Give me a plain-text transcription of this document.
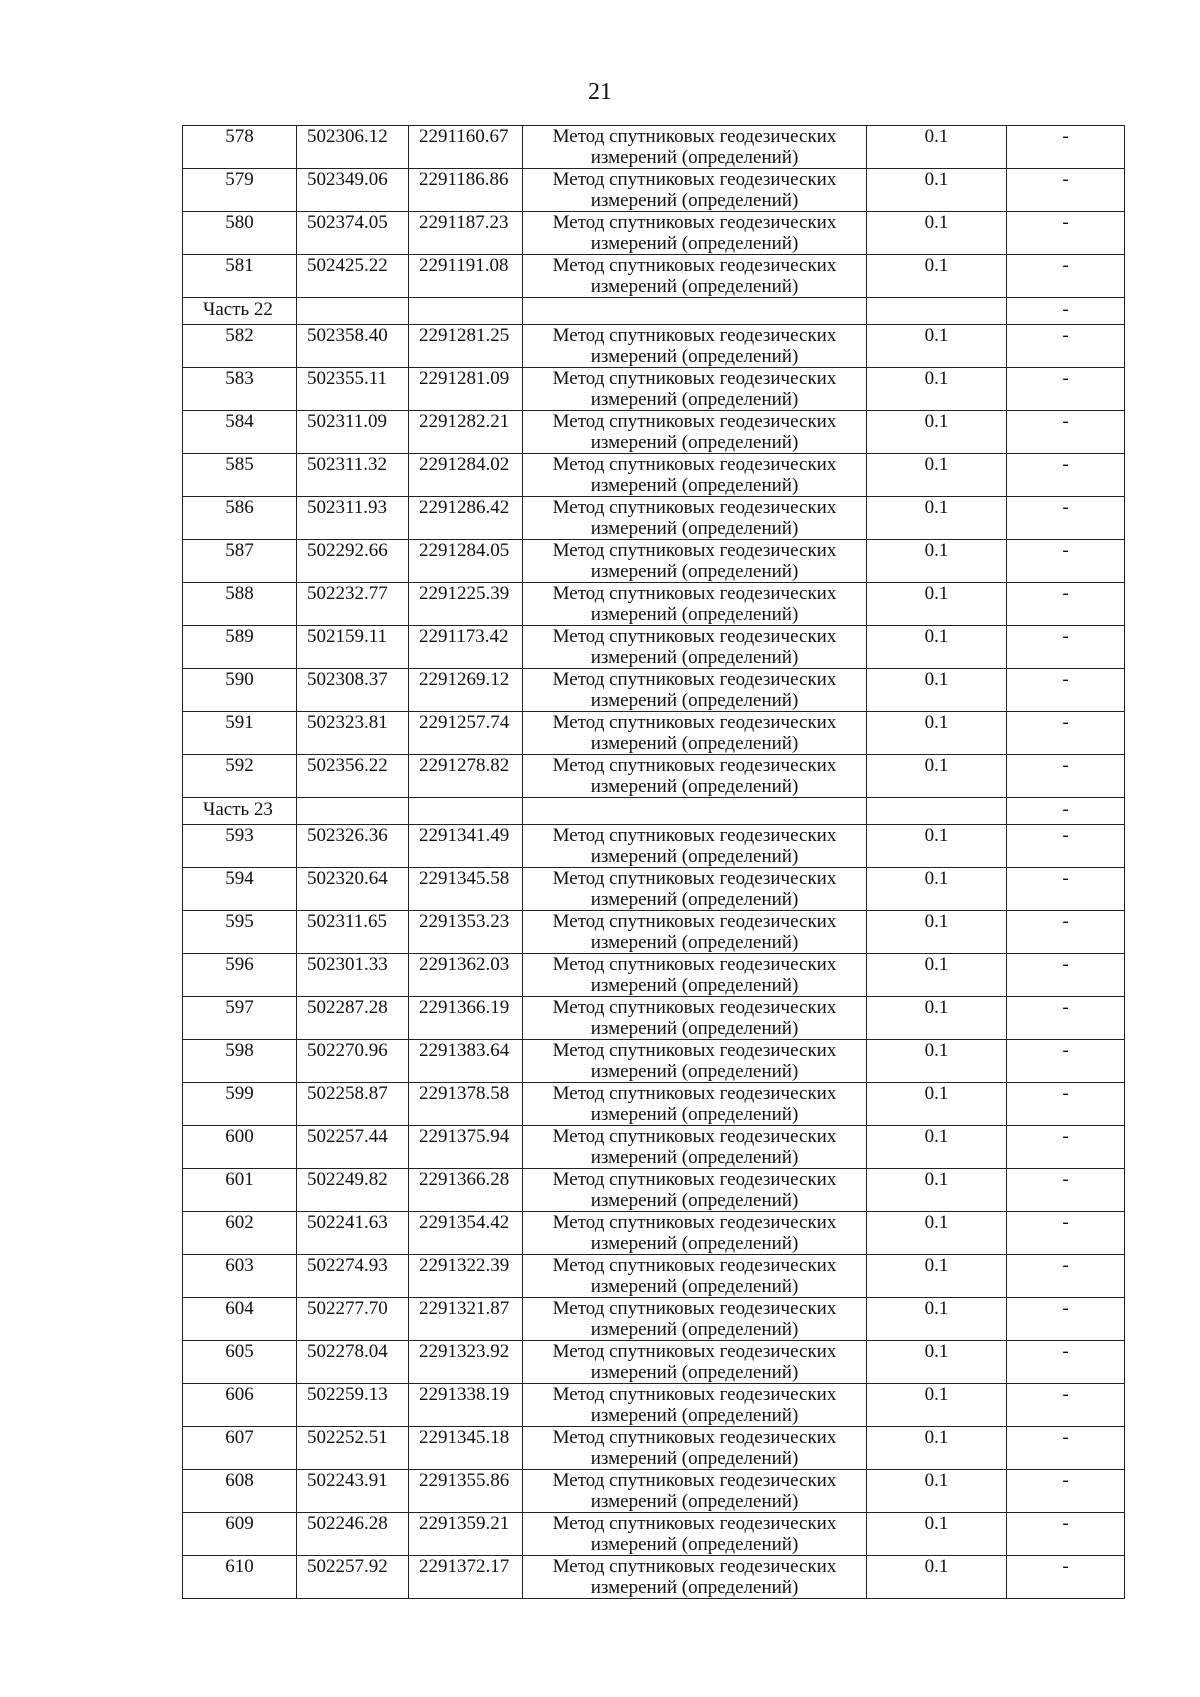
21
578	502306.12	2291160.67	Метод спутниковых геодезических
измерений (определений)	0.1	-
579	502349.06	2291186.86	Метод спутниковых геодезических
измерений (определений)	0.1	-
580	502374.05	2291187.23	Метод спутниковых геодезических
измерений (определений)	0.1	-
581	502425.22	2291191.08	Метод спутниковых геодезических
измерений (определений)	0.1	-
Часть 22					-
582	502358.40	2291281.25	Метод спутниковых геодезических
измерений (определений)	0.1	-
583	502355.11	2291281.09	Метод спутниковых геодезических
измерений (определений)	0.1	-
584	502311.09	2291282.21	Метод спутниковых геодезических
измерений (определений)	0.1	-
585	502311.32	2291284.02	Метод спутниковых геодезических
измерений (определений)	0.1	-
586	502311.93	2291286.42	Метод спутниковых геодезических
измерений (определений)	0.1	-
587	502292.66	2291284.05	Метод спутниковых геодезических
измерений (определений)	0.1	-
588	502232.77	2291225.39	Метод спутниковых геодезических
измерений (определений)	0.1	-
589	502159.11	2291173.42	Метод спутниковых геодезических
измерений (определений)	0.1	-
590	502308.37	2291269.12	Метод спутниковых геодезических
измерений (определений)	0.1	-
591	502323.81	2291257.74	Метод спутниковых геодезических
измерений (определений)	0.1	-
592	502356.22	2291278.82	Метод спутниковых геодезических
измерений (определений)	0.1	-
Часть 23					-
593	502326.36	2291341.49	Метод спутниковых геодезических
измерений (определений)	0.1	-
594	502320.64	2291345.58	Метод спутниковых геодезических
измерений (определений)	0.1	-
595	502311.65	2291353.23	Метод спутниковых геодезических
измерений (определений)	0.1	-
596	502301.33	2291362.03	Метод спутниковых геодезических
измерений (определений)	0.1	-
597	502287.28	2291366.19	Метод спутниковых геодезических
измерений (определений)	0.1	-
598	502270.96	2291383.64	Метод спутниковых геодезических
измерений (определений)	0.1	-
599	502258.87	2291378.58	Метод спутниковых геодезических
измерений (определений)	0.1	-
600	502257.44	2291375.94	Метод спутниковых геодезических
измерений (определений)	0.1	-
601	502249.82	2291366.28	Метод спутниковых геодезических
измерений (определений)	0.1	-
602	502241.63	2291354.42	Метод спутниковых геодезических
измерений (определений)	0.1	-
603	502274.93	2291322.39	Метод спутниковых геодезических
измерений (определений)	0.1	-
604	502277.70	2291321.87	Метод спутниковых геодезических
измерений (определений)	0.1	-
605	502278.04	2291323.92	Метод спутниковых геодезических
измерений (определений)	0.1	-
606	502259.13	2291338.19	Метод спутниковых геодезических
измерений (определений)	0.1	-
607	502252.51	2291345.18	Метод спутниковых геодезических
измерений (определений)	0.1	-
608	502243.91	2291355.86	Метод спутниковых геодезических
измерений (определений)	0.1	-
609	502246.28	2291359.21	Метод спутниковых геодезических
измерений (определений)	0.1	-
610	502257.92	2291372.17	Метод спутниковых геодезических
измерений (определений)	0.1	-
